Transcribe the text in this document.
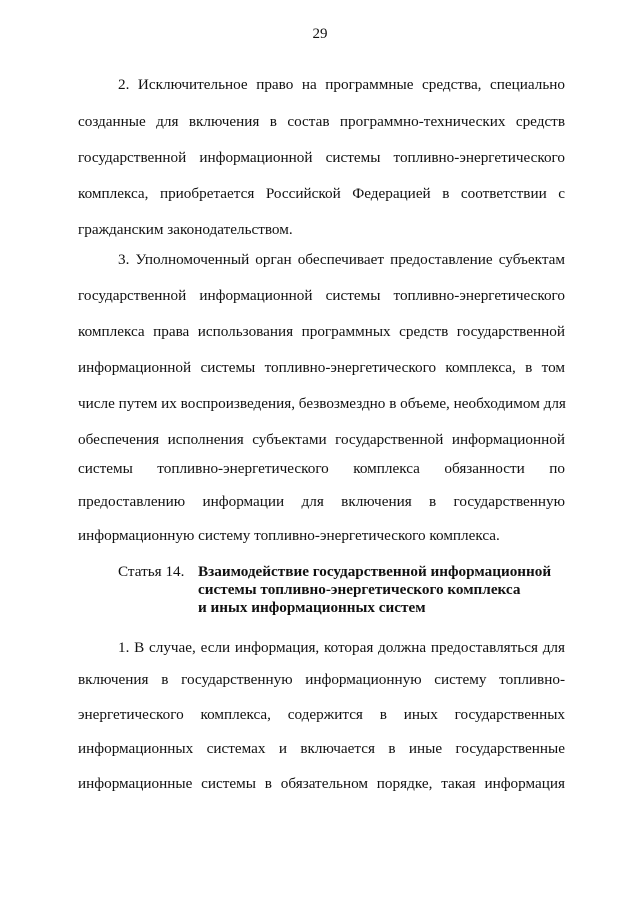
29
2. Исключительное право на программные средства, специально
созданные для включения в состав программно-технических средств
государственной информационной системы топливно-энергетического
комплекса, приобретается Российской Федерацией в соответствии с
гражданским законодательством.
3. Уполномоченный орган обеспечивает предоставление субъектам
государственной информационной системы топливно-энергетического
комплекса права использования программных средств государственной
информационной системы топливно-энергетического комплекса, в том
числе путем их воспроизведения, безвозмездно в объеме, необходимом для
обеспечения исполнения субъектами государственной информационной
системы топливно-энергетического комплекса обязанности по
предоставлению информации для включения в государственную
информационную систему топливно-энергетического комплекса.
Статья 14. Взаимодействие государственной информационной
системы топливно-энергетического комплекса
и иных информационных систем
1. В случае, если информация, которая должна предоставляться для
включения в государственную информационную систему топливно-
энергетического комплекса, содержится в иных государственных
информационных системах и включается в иные государственные
информационные системы в обязательном порядке, такая информация
